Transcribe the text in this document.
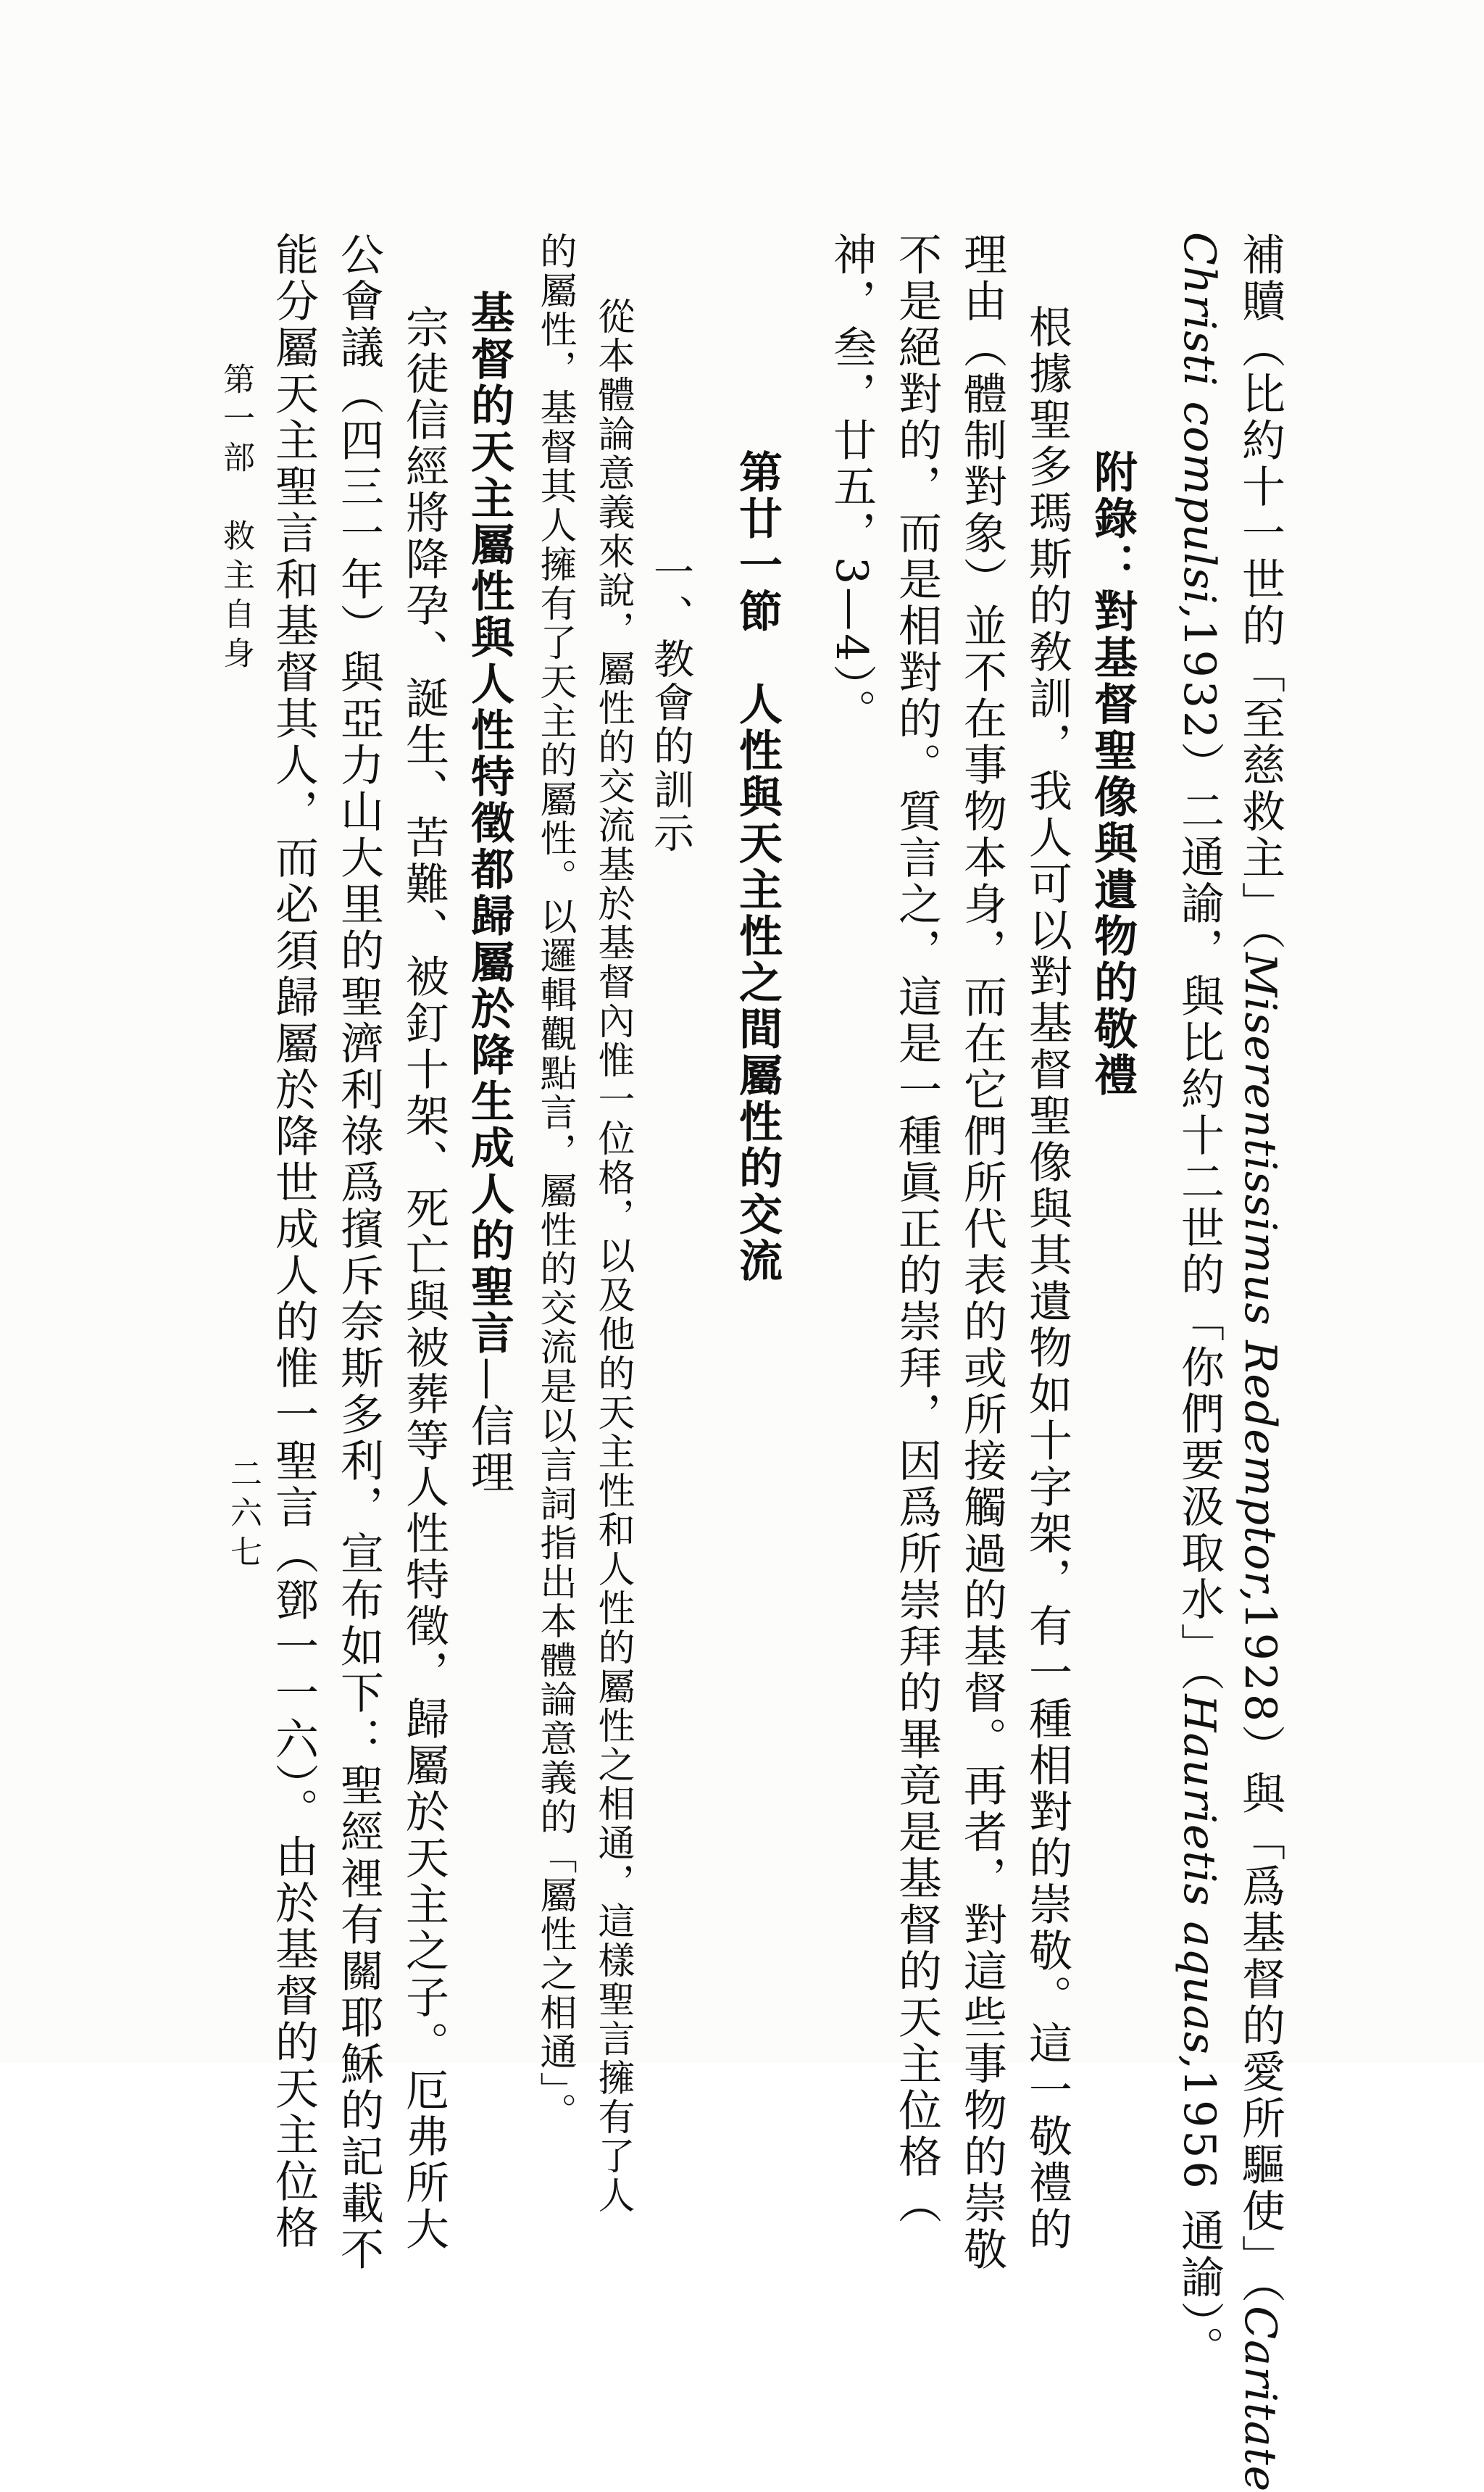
補贖（比約十一世的「至慈救主」（Miserentissimus Redemptor,1928）與「爲基督的愛所驅使」（Caritate
Christi compulsi,1932）二通諭，與比約十二世的「你們要汲取水」（Haurietis aquas,1956 通諭）。
附錄：對基督聖像與遺物的敬禮
根據聖多瑪斯的敎訓，我人可以對基督聖像與其遺物如十字架，有一種相對的崇敬。這一敬禮的
理由（體制對象）並不在事物本身，而在它們所代表的或所接觸過的基督。再者，對這些事物的崇敬
不是絕對的，而是相對的。質言之，這是一種眞正的崇拜，因爲所崇拜的畢竟是基督的天主位格（
神，叁，廿五，3—4）。
第廿一節　人性與天主性之間屬性的交流
一、教會的訓示
從本體論意義來說，屬性的交流基於基督內惟一位格，以及他的天主性和人性的屬性之相通，這樣聖言擁有了人
的屬性，基督其人擁有了天主的屬性。以邏輯觀點言，屬性的交流是以言詞指出本體論意義的「屬性之相通」。
基督的天主屬性與人性特徵都歸屬於降生成人的聖言—信理
宗徒信經將降孕、誕生、苦難、被釘十架、死亡與被葬等人性特徵，歸屬於天主之子。厄弗所大
公會議（四三一年）與亞力山大里的聖濟利祿爲擯斥奈斯多利，宣布如下：聖經裡有關耶穌的記載不
能分屬天主聖言和基督其人，而必須歸屬於降世成人的惟一聖言（鄧一一六）。由於基督的天主位格
第一部　救主自身
二六七
